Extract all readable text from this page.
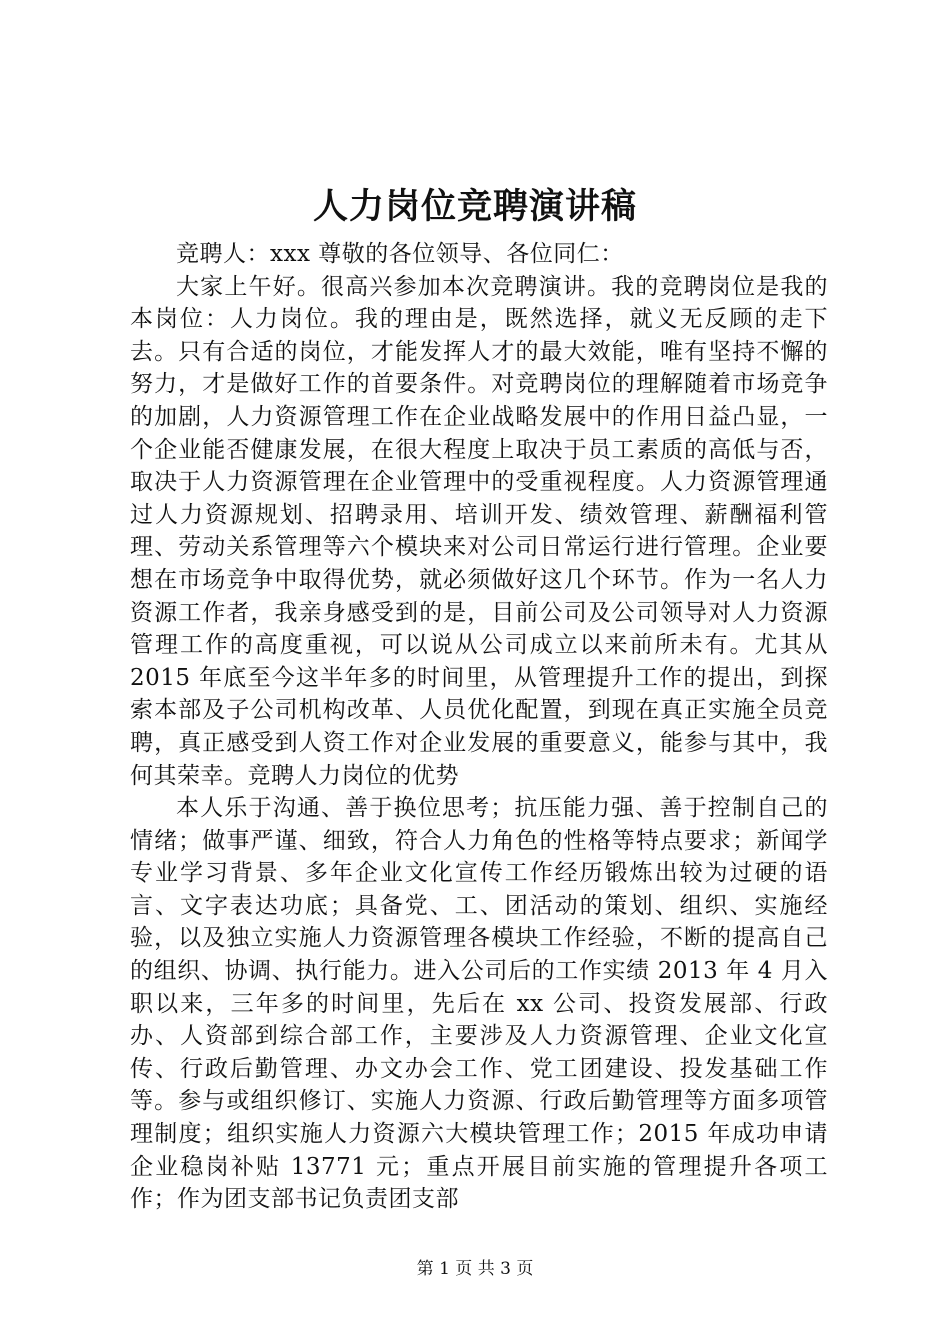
人力岗位竞聘演讲稿

竞聘人：xxx 尊敬的各位领导、各位同仁：

大家上午好。很高兴参加本次竞聘演讲。我的竞聘岗位是我的本岗位：人力岗位。我的理由是，既然选择，就义无反顾的走下去。只有合适的岗位，才能发挥人才的最大效能，唯有坚持不懈的努力，才是做好工作的首要条件。对竞聘岗位的理解随着市场竞争的加剧，人力资源管理工作在企业战略发展中的作用日益凸显，一个企业能否健康发展，在很大程度上取决于员工素质的高低与否，取决于人力资源管理在企业管理中的受重视程度。人力资源管理通过人力资源规划、招聘录用、培训开发、绩效管理、薪酬福利管理、劳动关系管理等六个模块来对公司日常运行进行管理。企业要想在市场竞争中取得优势，就必须做好这几个环节。作为一名人力资源工作者，我亲身感受到的是，目前公司及公司领导对人力资源管理工作的高度重视，可以说从公司成立以来前所未有。尤其从 2015 年底至今这半年多的时间里，从管理提升工作的提出，到探索本部及子公司机构改革、人员优化配置，到现在真正实施全员竞聘，真正感受到人资工作对企业发展的重要意义，能参与其中，我何其荣幸。竞聘人力岗位的优势

本人乐于沟通、善于换位思考；抗压能力强、善于控制自己的情绪；做事严谨、细致，符合人力角色的性格等特点要求；新闻学专业学习背景、多年企业文化宣传工作经历锻炼出较为过硬的语言、文字表达功底；具备党、工、团活动的策划、组织、实施经验，以及独立实施人力资源管理各模块工作经验，不断的提高自己的组织、协调、执行能力。进入公司后的工作实绩 2013 年 4 月入职以来，三年多的时间里，先后在 xx 公司、投资发展部、行政办、人资部到综合部工作，主要涉及人力资源管理、企业文化宣传、行政后勤管理、办文办会工作、党工团建设、投发基础工作等。参与或组织修订、实施人力资源、行政后勤管理等方面多项管理制度；组织实施人力资源六大模块管理工作；2015 年成功申请企业稳岗补贴 13771 元；重点开展目前实施的管理提升各项工作；作为团支部书记负责团支部

第 1 页 共 3 页
